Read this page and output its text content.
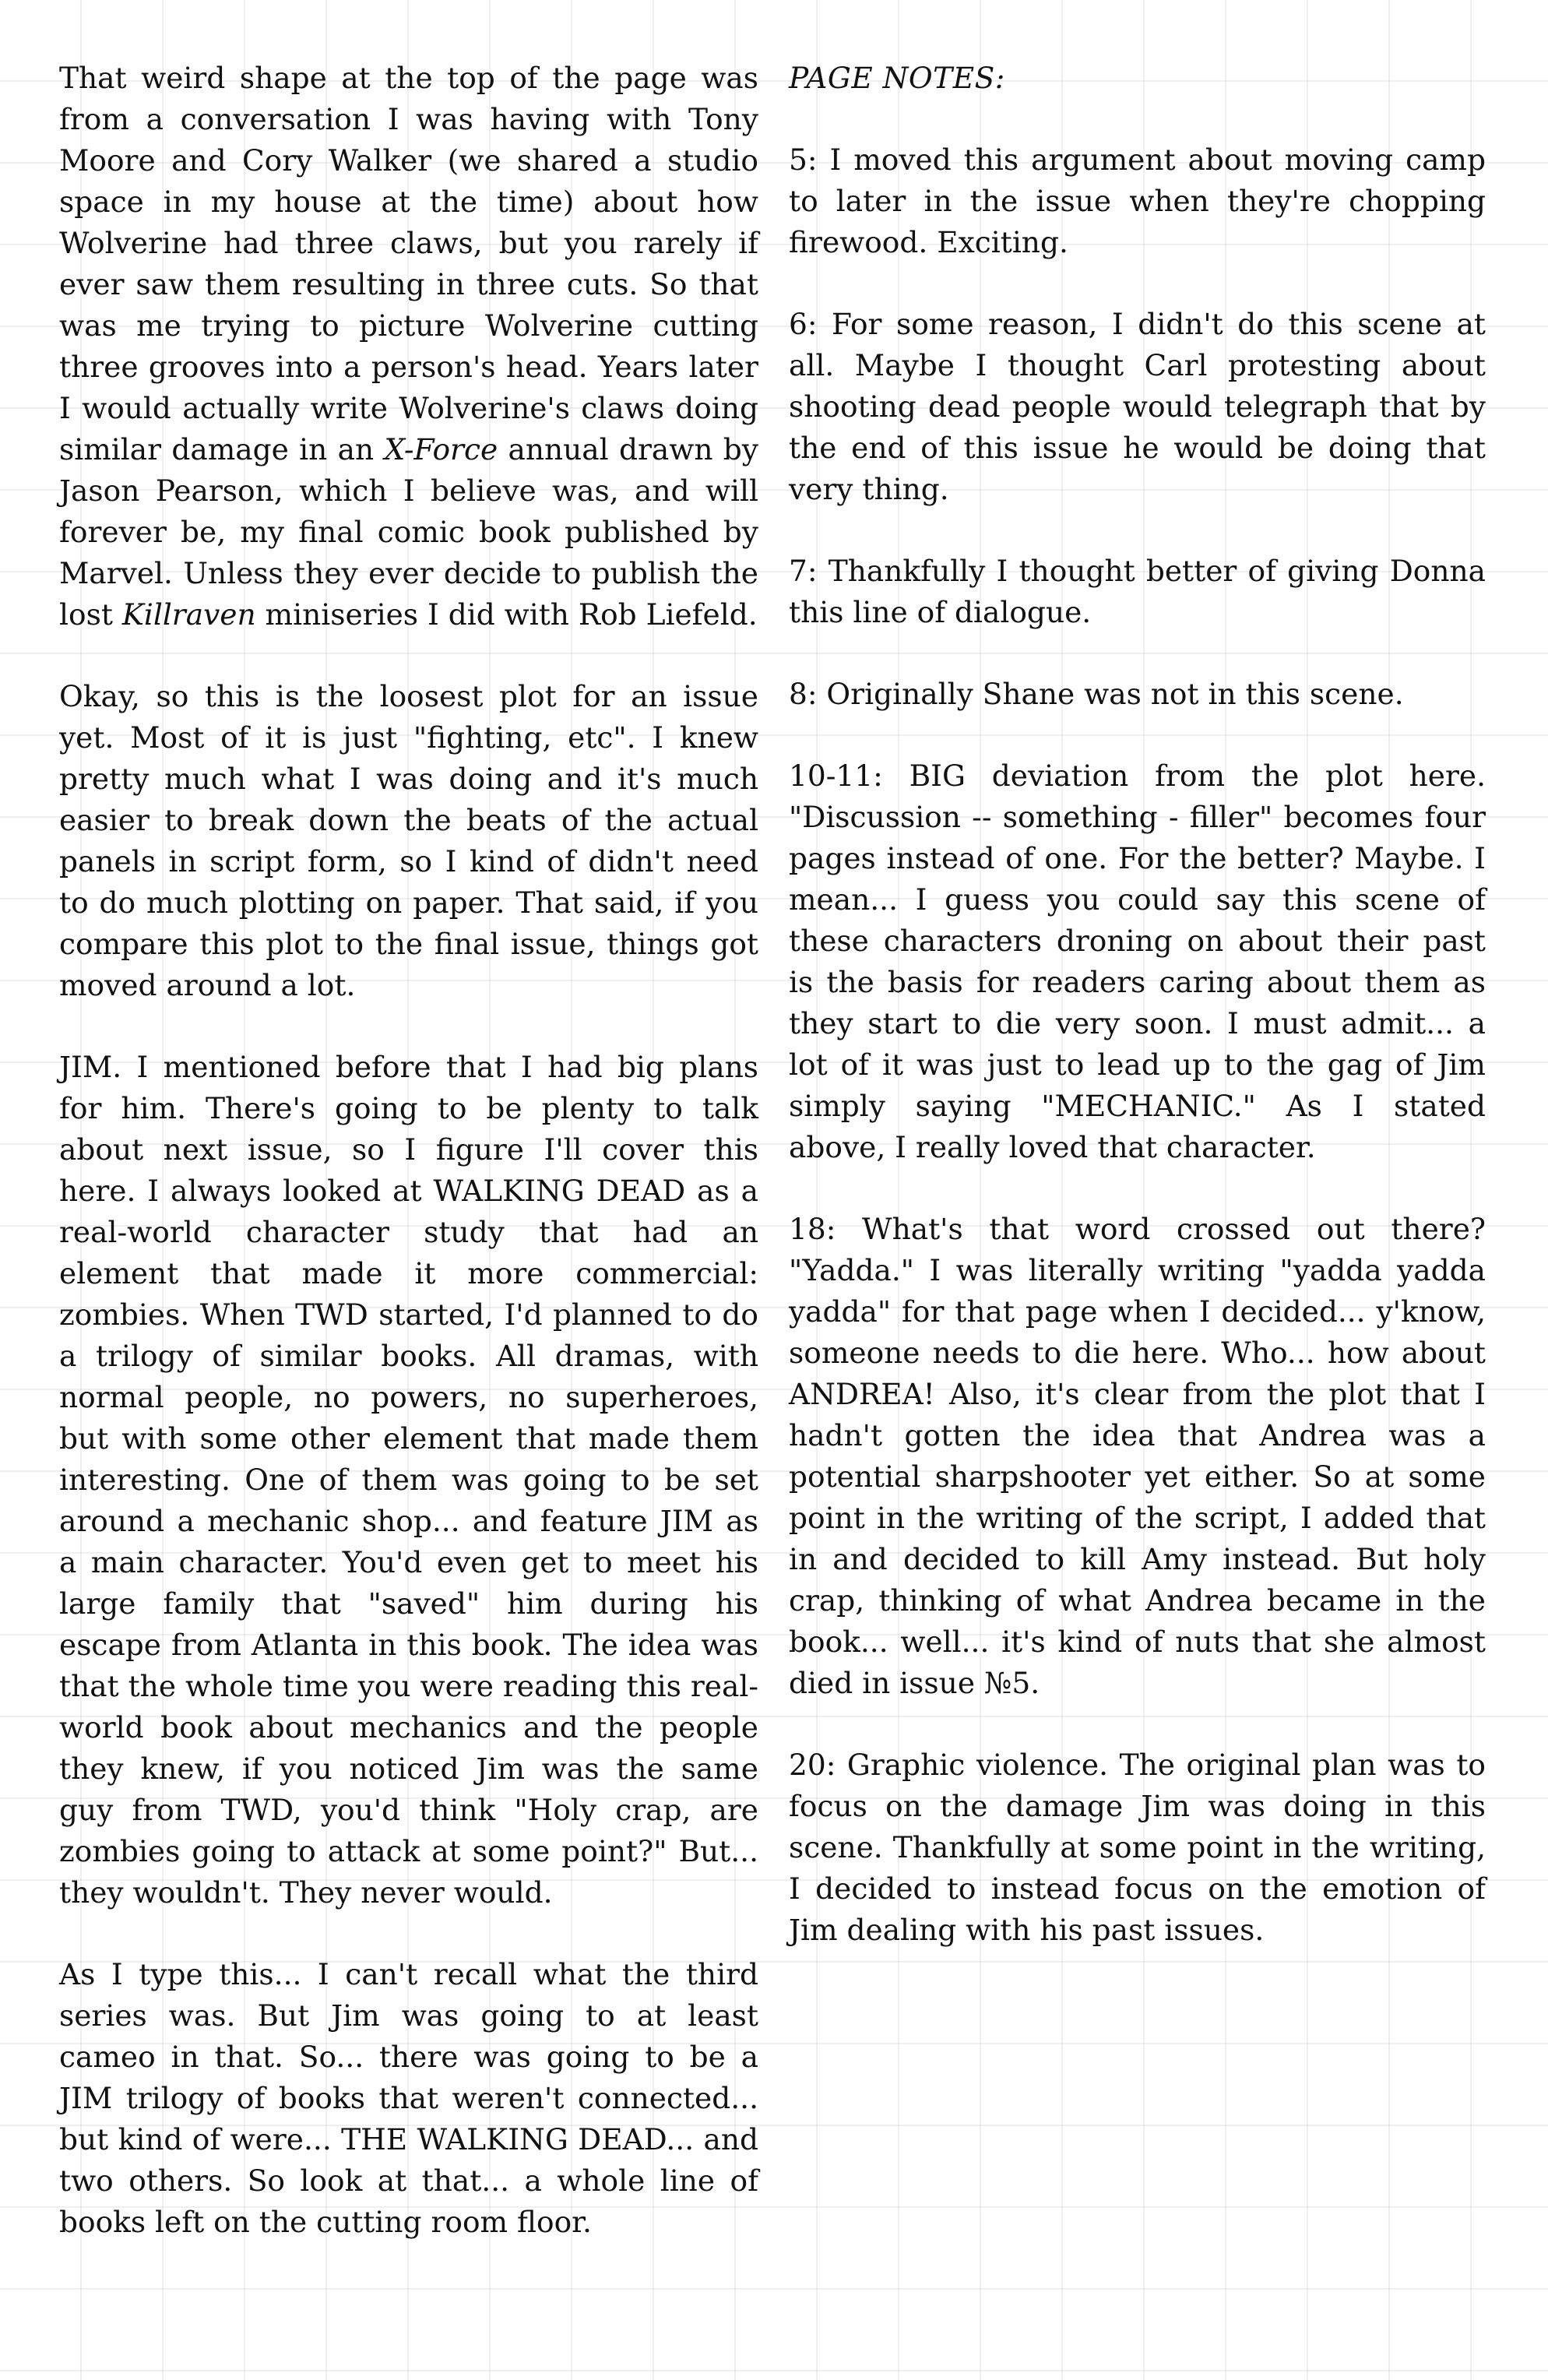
That weird shape at the top of the page was from a conversation I was having with Tony Moore and Cory Walker (we shared a studio space in my house at the time) about how Wolverine had three claws, but you rarely if ever saw them resulting in three cuts. So that was me trying to picture Wolverine cutting three grooves into a person's head. Years later I would actually write Wolverine's claws doing similar damage in an X-Force annual drawn by Jason Pearson, which I believe was, and will forever be, my final comic book published by Marvel. Unless they ever decide to publish the lost Killraven miniseries I did with Rob Liefeld.

Okay, so this is the loosest plot for an issue yet. Most of it is just "fighting, etc". I knew pretty much what I was doing and it's much easier to break down the beats of the actual panels in script form, so I kind of didn't need to do much plotting on paper. That said, if you compare this plot to the final issue, things got moved around a lot.

JIM. I mentioned before that I had big plans for him. There's going to be plenty to talk about next issue, so I figure I'll cover this here. I always looked at WALKING DEAD as a real-world character study that had an element that made it more commercial: zombies. When TWD started, I'd planned to do a trilogy of similar books. All dramas, with normal people, no powers, no superheroes, but with some other element that made them interesting. One of them was going to be set around a mechanic shop... and feature JIM as a main character. You'd even get to meet his large family that "saved" him during his escape from Atlanta in this book. The idea was that the whole time you were reading this real-world book about mechanics and the people they knew, if you noticed Jim was the same guy from TWD, you'd think "Holy crap, are zombies going to attack at some point?" But... they wouldn't. They never would.

As I type this... I can't recall what the third series was. But Jim was going to at least cameo in that. So... there was going to be a JIM trilogy of books that weren't connected... but kind of were... THE WALKING DEAD... and two others. So look at that... a whole line of books left on the cutting room floor.

PAGE NOTES:

5: I moved this argument about moving camp to later in the issue when they're chopping firewood. Exciting.

6: For some reason, I didn't do this scene at all. Maybe I thought Carl protesting about shooting dead people would telegraph that by the end of this issue he would be doing that very thing.

7: Thankfully I thought better of giving Donna this line of dialogue.

8: Originally Shane was not in this scene.

10-11: BIG deviation from the plot here. "Discussion -- something - filler" becomes four pages instead of one. For the better? Maybe. I mean... I guess you could say this scene of these characters droning on about their past is the basis for readers caring about them as they start to die very soon. I must admit... a lot of it was just to lead up to the gag of Jim simply saying "MECHANIC." As I stated above, I really loved that character.

18: What's that word crossed out there? "Yadda." I was literally writing "yadda yadda yadda" for that page when I decided... y'know, someone needs to die here. Who... how about ANDREA! Also, it's clear from the plot that I hadn't gotten the idea that Andrea was a potential sharpshooter yet either. So at some point in the writing of the script, I added that in and decided to kill Amy instead. But holy crap, thinking of what Andrea became in the book... well... it's kind of nuts that she almost died in issue №5.

20: Graphic violence. The original plan was to focus on the damage Jim was doing in this scene. Thankfully at some point in the writing, I decided to instead focus on the emotion of Jim dealing with his past issues.
